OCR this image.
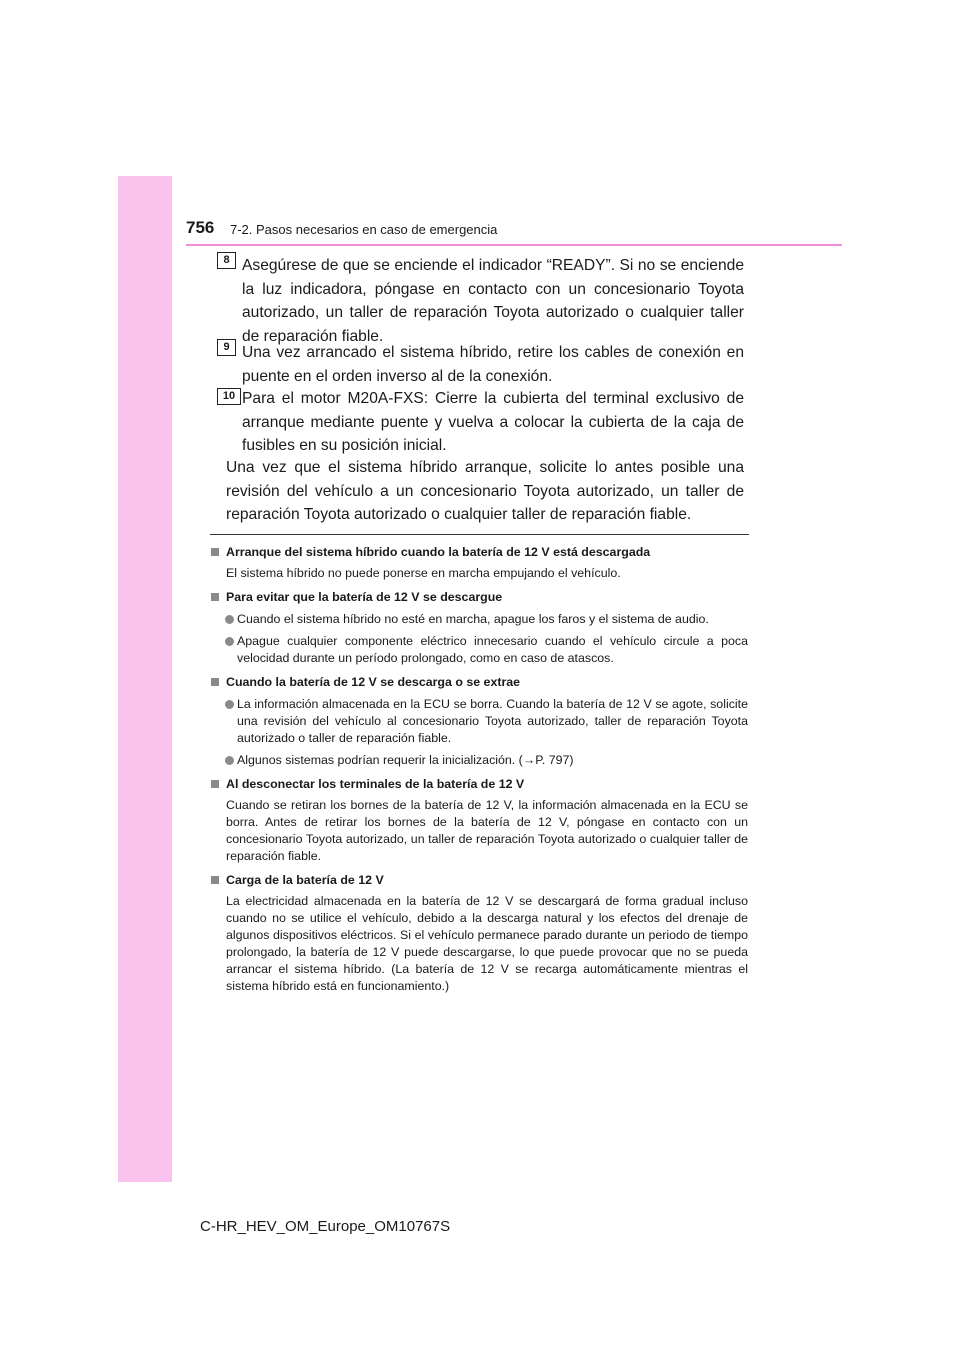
756 7-2. Pasos necesarios en caso de emergencia
8 Asegúrese de que se enciende el indicador “READY”. Si no se enciende la luz indicadora, póngase en contacto con un concesionario Toyota autorizado, un taller de reparación Toyota autorizado o cualquier taller de reparación fiable.
9 Una vez arrancado el sistema híbrido, retire los cables de conexión en puente en el orden inverso al de la conexión.
10 Para el motor M20A-FXS: Cierre la cubierta del terminal exclusivo de arranque mediante puente y vuelva a colocar la cubierta de la caja de fusibles en su posición inicial.
Una vez que el sistema híbrido arranque, solicite lo antes posible una revisión del vehículo a un concesionario Toyota autorizado, un taller de reparación Toyota autorizado o cualquier taller de reparación fiable.
Arranque del sistema híbrido cuando la batería de 12 V está descargada
El sistema híbrido no puede ponerse en marcha empujando el vehículo.
Para evitar que la batería de 12 V se descargue
Cuando el sistema híbrido no esté en marcha, apague los faros y el sistema de audio.
Apague cualquier componente eléctrico innecesario cuando el vehículo circule a poca velocidad durante un período prolongado, como en caso de atascos.
Cuando la batería de 12 V se descarga o se extrae
La información almacenada en la ECU se borra. Cuando la batería de 12 V se agote, solicite una revisión del vehículo al concesionario Toyota autorizado, taller de reparación Toyota autorizado o taller de reparación fiable.
Algunos sistemas podrían requerir la inicialización. (→P. 797)
Al desconectar los terminales de la batería de 12 V
Cuando se retiran los bornes de la batería de 12 V, la información almacenada en la ECU se borra. Antes de retirar los bornes de la batería de 12 V, póngase en contacto con un concesionario Toyota autorizado, un taller de reparación Toyota autorizado o cualquier taller de reparación fiable.
Carga de la batería de 12 V
La electricidad almacenada en la batería de 12 V se descargará de forma gradual incluso cuando no se utilice el vehículo, debido a la descarga natural y los efectos del drenaje de algunos dispositivos eléctricos. Si el vehículo permanece parado durante un periodo de tiempo prolongado, la batería de 12 V puede descargarse, lo que puede provocar que no se pueda arrancar el sistema híbrido. (La batería de 12 V se recarga automáticamente mientras el sistema híbrido está en funcionamiento.)
C-HR_HEV_OM_Europe_OM10767S
